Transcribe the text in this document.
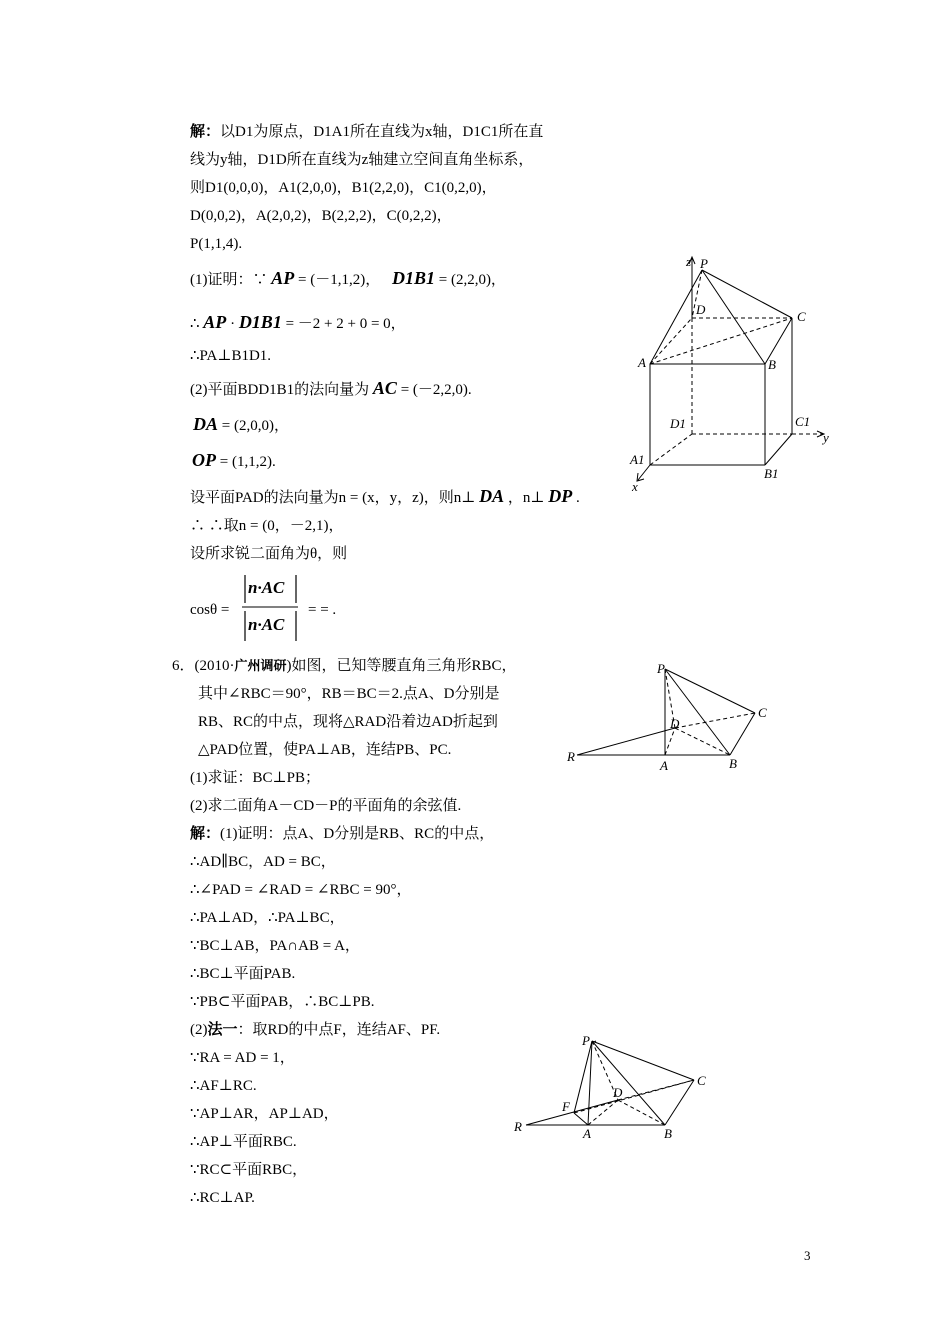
解：以D1为原点，D1A1所在直线为x轴，D1C1所在直
线为y轴，D1D所在直线为z轴建立空间直角坐标系，
则D1(0,0,0)，A1(2,0,0)，B1(2,2,0)，C1(0,2,0)，
D(0,0,2)，A(2,0,2)，B(2,2,2)，C(0,2,2)，
P(1,1,4).
(1)证明：∵ AP = (－1,1,2)， D1B1 = (2,2,0)，
∴ AP · D1B1 = －2 + 2 + 0 = 0，
∴PA⊥B1D1.
(2)平面BDD1B1的法向量为 AC = (－2,2,0).
DA = (2,0,0)，
OP = (1,1,2).
设平面PAD的法向量为n = (x，y，z)，则n⊥ DA ，n⊥ DP .
∴ ∴取n = (0，－2,1)，
设所求锐二面角为θ，则
cosθ =
n·AC
n·AC
= = .
P
D	C
A	B
D1	C1
A1
B1
z
y
x
6．(2010·广州调研)如图，已知等腰直角三角形RBC，
其中∠RBC＝90°，RB＝BC＝2.点A、D分别是
RB、RC的中点，现将△RAD沿着边AD折起到
△PAD位置，使PA⊥AB，连结PB、PC.
(1)求证：BC⊥PB；
(2)求二面角A－CD－P的平面角的余弦值.
P
D
C
R
A	B
解：(1)证明：点A、D分别是RB、RC的中点，
∴AD∥BC，AD = BC，
∴∠PAD = ∠RAD = ∠RBC = 90°，
∴PA⊥AD，∴PA⊥BC，
∵BC⊥AB，PA∩AB = A，
∴BC⊥平面PAB.
∵PB⊂平面PAB，∴BC⊥PB.
(2)法一：取RD的中点F，连结AF、PF.
∵RA = AD = 1，
∴AF⊥RC.
∵AP⊥AR，AP⊥AD，
∴AP⊥平面RBC.
∵RC⊂平面RBC，
∴RC⊥AP.
P
D
C
R	A	B
F
3
